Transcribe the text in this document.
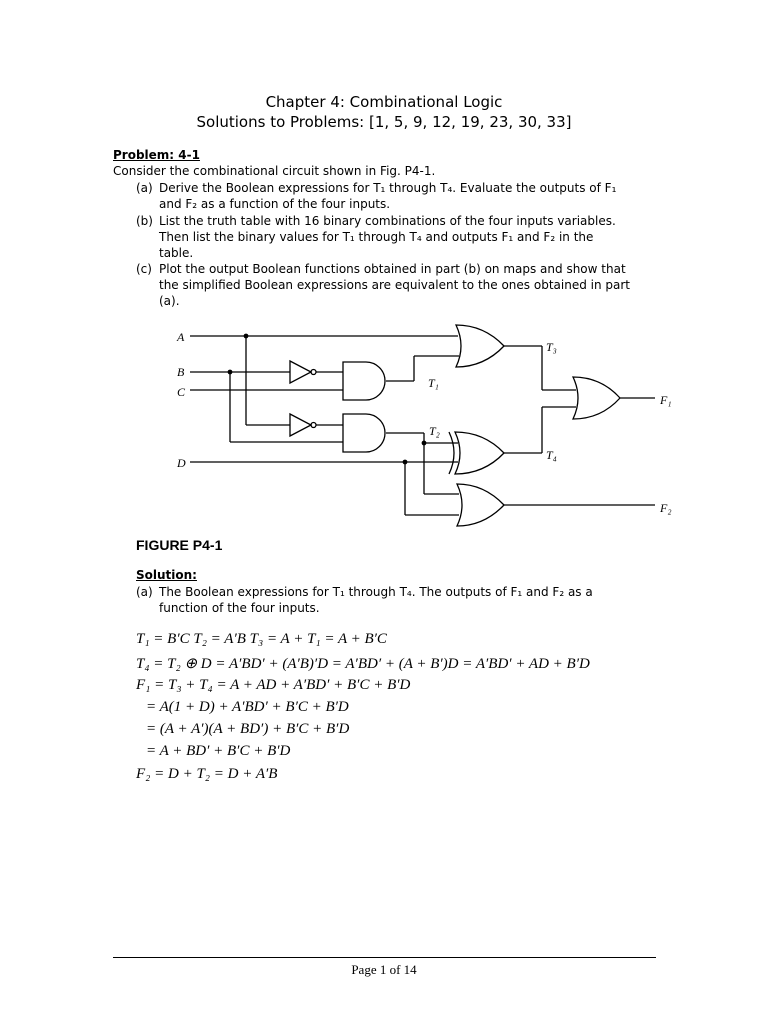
Chapter 4: Combinational Logic
Solutions to Problems: [1, 5, 9, 12, 19, 23, 30, 33]
Problem: 4-1
Consider the combinational circuit shown in Fig. P4-1.
(a) Derive the Boolean expressions for T₁ through T₄. Evaluate the outputs of F₁
and F₂ as a function of the four inputs.
(b) List the truth table with 16 binary combinations of the four inputs variables.
Then list the binary values for T₁ through T₄ and outputs F₁ and F₂ in the
table.
(c) Plot the output Boolean functions obtained in part (b) on maps and show that
the simplified Boolean expressions are equivalent to the ones obtained in part
(a).
A
B
C
D
T₁
T₂
T₃
T₄
F₁
F₂
FIGURE P4-1
Solution:
(a) The Boolean expressions for T₁ through T₄. The outputs of F₁ and F₂ as a
function of the four inputs.
T₁ = B′C T₂ = A′B T₃ = A + T₁ = A + B′C
T₄ = T₂ ⊕ D = A′BD′ + (A′B)′D = A′BD′ + (A + B′)D = A′BD′ + AD + B′D
F₁ = T₃ + T₄ = A + AD + A′BD′ + B′C + B′D
= A(1 + D) + A′BD′ + B′C + B′D
= (A + A′)(A + BD′) + B′C + B′D
= A + BD′ + B′C + B′D
F₂ = D + T₂ = D + A′B
Page 1 of 14
